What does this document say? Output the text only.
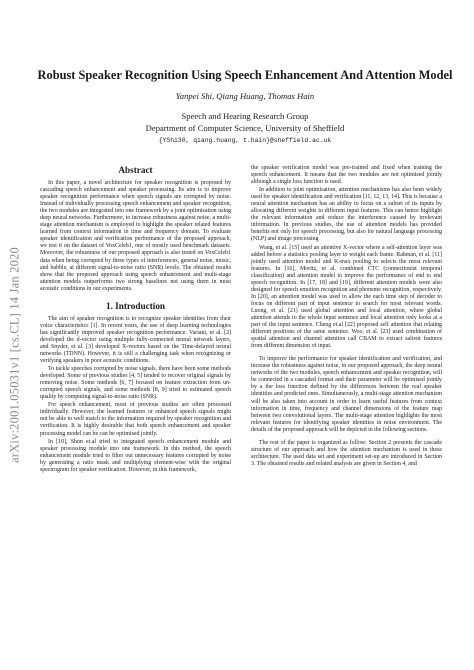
arXiv:2001.05031v1 [cs.CL] 14 Jan 2020
Robust Speaker Recognition Using Speech Enhancement And Attention Model
Yanpei Shi, Qiang Huang, Thomas Hain
Speech and Hearing Research Group
Department of Computer Science, University of Sheffield
{YShi30, qiang.huang, t.hain}@sheffield.ac.uk
Abstract

In this paper, a novel architecture for speaker recognition is proposed by cascading speech enhancement and speaker processing. Its aim is to improve speaker recognition performance when speech signals are corrupted by noise. Instead of individually processing speech enhancement and speaker recognition, the two modules are integrated into one framework by a joint optimisation using deep neural networks. Furthermore, to increase robustness against noise, a multi-stage attention mechanism is employed to highlight the speaker related features learned from context information in time and frequency domain. To evaluate speaker identification and verification performance of the proposed approach, we test it on the dataset of VoxCeleb1, one of mostly used benchmark datasets. Moreover, the robustness of our proposed approach is also tested on VoxCeleb1 data when being corrupted by three types of interferences, general noise, music, and babble, at different signal-to-noise ratio (SNR) levels. The obtained results show that the proposed approach using speech enhancement and multi-stage attention models outperforms two strong baselines not using them in most acoustic conditions in our experiments.

1. Introduction

The aim of speaker recognition is to recognize speaker identities from their voice characteristics [1]. In recent years, the use of deep learning technologies has significantly improved speaker recognition performance. Variani, et al. [2] developed the d-vector using multiple fully-connected neural network layers, and Snyder, et al. [3] developed X-vectors based on the Time-delayed neural networks (TDNN). However, it is still a challenging task when recognizing or verifying speakers in poor acoustic conditions.

To tackle speeches corrupted by noise signals, there have been some methods developed. Some of previous studies [4, 5] tended to recover original signals by removing noise. Some methods [6, 7] focused on feature extraction from un-corrupted speech signals, and some methods [8, 9] tried to estimated speech quality by computing signal-to-noise ratio (SNR).

For speech enhancement, most of previous studies are often processed individually. However, the learned features or enhanced speech signals might not be able to well match to the information required by speaker recognition and verification. It is highly desirable that both speech enhancement and speaker processing model can be can be optimised jointly.

In [10], Shon et.al tried to integrated speech enhancement module and speaker processing module into one framework. In this method, the speech enhancement module tried to filter out unnecessary features corrupted by noise by generating a ratio mask and multiplying element-wise with the original spectrogram for speaker verification. However, in this framework,

the speaker verification model was pre-trained and fixed when training the speech enhancement. It means that the two modules are not optimised jointly although a single loss function is used.

In addition to joint optimisation, attention mechanisms has also been widely used for speaker identification and verification [11, 12, 13, 14]. This is because a neural attention mechanism has an ability to focus on a subset of its inputs by allocating different weights to different input features. This can hence highlight the relevant information and reduce the interference caused by irrelevant information. In previous studies, the use of attention models has provided benefits not only for speech processing, but also for natural language processing (NLP) and image processing

Wang, et al. [15] used an attentive X-vector where a self-attention layer was added before a statistics pooling layer to weight each frame. Rahman, et al. [11] jointly used attention model and K-max pooling to selects the most relevant features. In [16], Moritz, et al. combined CTC (connectionist temporal classification) and attention model to improve the performance of end to end speech recognition. In [17, 18] and [19], different attention models were also designed for speech emotion recognition and phoneme recognition, respectively. In [20], an attention model was used to allow the each time step of decoder to focus on different part of input sentence to search for most relevant words. Luong, et al. [21] used global attention and local attention, where global attention attends to the whole input sentence and local attention only looks at a part of the input sentence. Cheng et.al [22] proposed self attention that relating different positions of the same sentence. Woo, et al. [23] used combination of spatial attention and channel attention call CBAM to extract salient features from different dimension of input.

To improve the performance for speaker identification and verification, and increase the robustness against noise, in our proposed approach, the deep neural networks of the two modules, speech enhancement and speaker recognition, will be connected in a cascaded format and their parameter will be optimised jointly by a the loss function defined by the differences between the real speaker identities and predicted ones. Simultaneously, a multi-stage attention mechanism will be also taken into account in order to learn useful features from context information in time, frequency and channel dimensions of the feature map between two convolutional layers. The multi-stage attention highlights the most relevant features for identifying speaker identities in noise environment. The details of the proposed approach will be depicted in the following sections.

The rest of the paper is organized as follow: Section 2 presents the cascade structure of our approach and how the attention mechanism is used in these architecture. The used data set and experiment set-up are introduced in Section 3. The obtained results and related analysis are given in Section 4, and
